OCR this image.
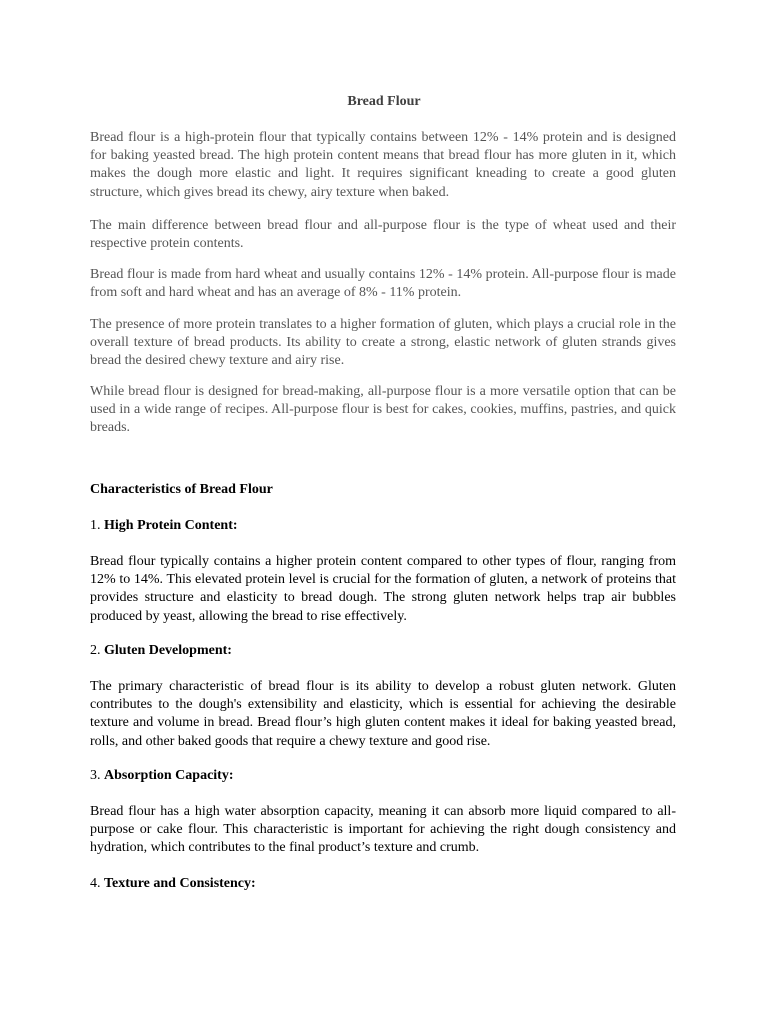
Bread Flour

Bread flour is a high-protein flour that typically contains between 12% - 14% protein and is designed for baking yeasted bread. The high protein content means that bread flour has more gluten in it, which makes the dough more elastic and light. It requires significant kneading to create a good gluten structure, which gives bread its chewy, airy texture when baked.

The main difference between bread flour and all-purpose flour is the type of wheat used and their respective protein contents.

Bread flour is made from hard wheat and usually contains 12% - 14% protein. All-purpose flour is made from soft and hard wheat and has an average of 8% - 11% protein.

The presence of more protein translates to a higher formation of gluten, which plays a crucial role in the overall texture of bread products. Its ability to create a strong, elastic network of gluten strands gives bread the desired chewy texture and airy rise.

While bread flour is designed for bread-making, all-purpose flour is a more versatile option that can be used in a wide range of recipes. All-purpose flour is best for cakes, cookies, muffins, pastries, and quick breads.

Characteristics of Bread Flour
1. High Protein Content:

Bread flour typically contains a higher protein content compared to other types of flour, ranging from 12% to 14%. This elevated protein level is crucial for the formation of gluten, a network of proteins that provides structure and elasticity to bread dough. The strong gluten network helps trap air bubbles produced by yeast, allowing the bread to rise effectively.

2. Gluten Development:

The primary characteristic of bread flour is its ability to develop a robust gluten network. Gluten contributes to the dough's extensibility and elasticity, which is essential for achieving the desirable texture and volume in bread. Bread flour’s high gluten content makes it ideal for baking yeasted bread, rolls, and other baked goods that require a chewy texture and good rise.

3. Absorption Capacity:

Bread flour has a high water absorption capacity, meaning it can absorb more liquid compared to all-purpose or cake flour. This characteristic is important for achieving the right dough consistency and hydration, which contributes to the final product’s texture and crumb.

4. Texture and Consistency:
